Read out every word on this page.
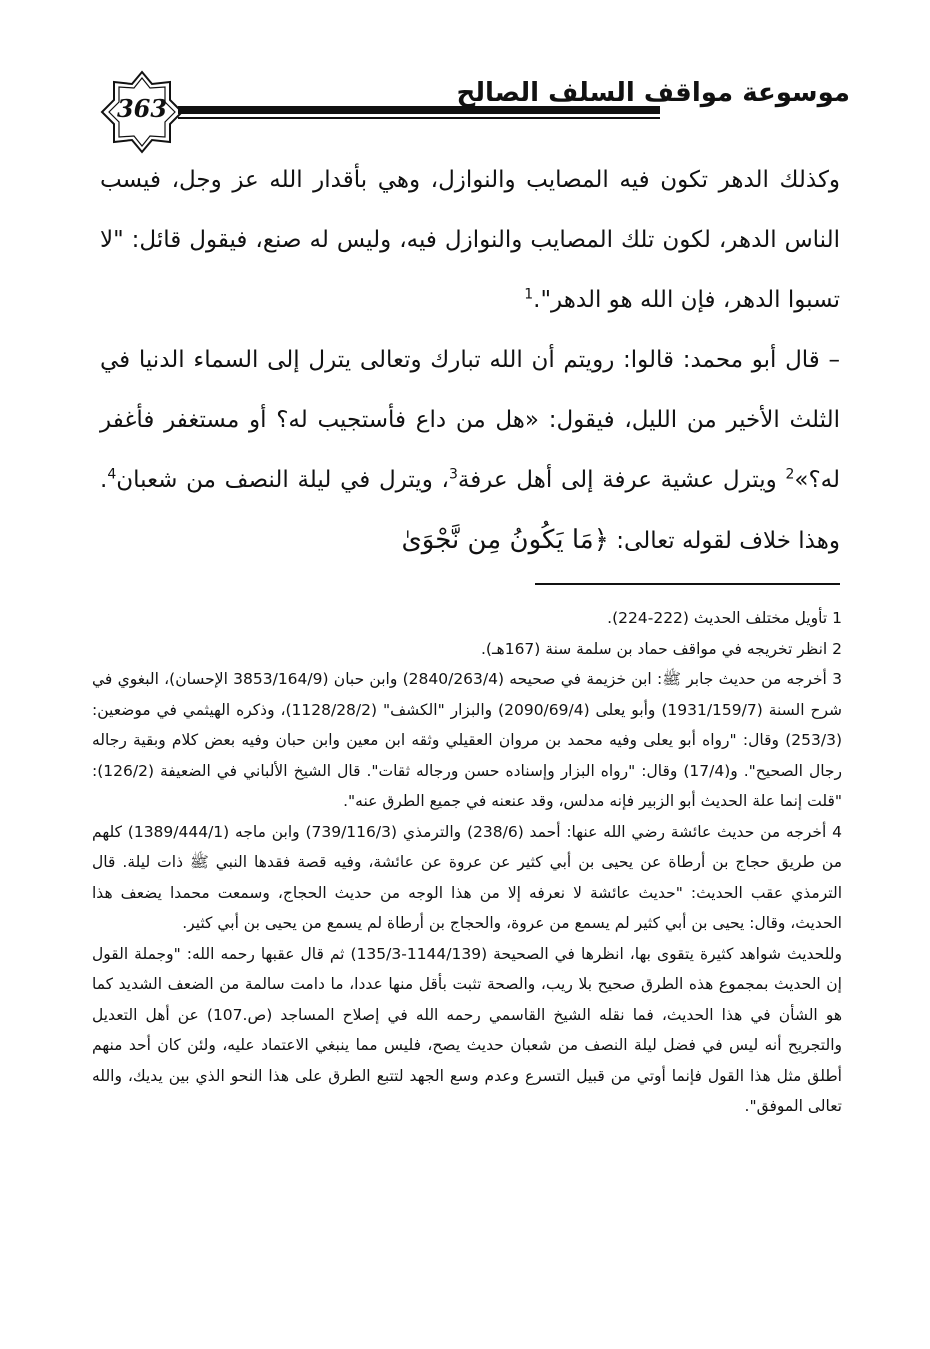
363
موسوعة مواقف السلف الصالح

وكذلك الدهر تكون فيه المصايب والنوازل، وهي بأقدار الله عز وجل، فيسب الناس الدهر، لكون تلك المصايب والنوازل فيه، وليس له صنع، فيقول قائل: "لا تسبوا الدهر، فإن الله هو الدهر".$^1$

– قال أبو محمد: قالوا: رويتم أن الله تبارك وتعالى يترل إلى السماء الدنيا في الثلث الأخير من الليل، فيقول: «هل من داع فأستجيب له؟ أو مستغفر فأغفر له؟»$^2$ ويترل عشية عرفة إلى أهل عرفة$^3$، ويترل في ليلة النصف من شعبان$^4$. وهذا خلاف لقوله تعالى: ﴿مَا يَكُونُ مِن نَّجْوَىٰ

1 تأويل مختلف الحديث (222-224).

2 انظر تخريجه في مواقف حماد بن سلمة سنة (167هـ).

3 أخرجه من حديث جابر ﷺ: ابن خزيمة في صحيحه (2840/263/4) وابن حبان (3853/164/9 الإحسان)، البغوي في شرح السنة (1931/159/7) وأبو يعلى (2090/69/4) والبزار "الكشف" (1128/28/2)، وذكره الهيثمي في موضعين: (253/3) وقال: "رواه أبو يعلى وفيه محمد بن مروان العقيلي وثقه ابن معين وابن حبان وفيه بعض كلام وبقية رجاله رجال الصحيح". و(17/4) وقال: "رواه البزار وإسناده حسن ورجاله ثقات". قال الشيخ الألباني في الضعيفة (126/2): "قلت إنما علة الحديث أبو الزبير فإنه مدلس، وقد عنعنه في جميع الطرق عنه".

4 أخرجه من حديث عائشة رضي الله عنها: أحمد (238/6) والترمذي (739/116/3) وابن ماجه (1389/444/1) كلهم من طريق حجاج بن أرطاة عن يحيى بن أبي كثير عن عروة عن عائشة، وفيه قصة فقدها النبي ﷺ ذات ليلة. قال الترمذي عقب الحديث: "حديث عائشة لا نعرفه إلا من هذا الوجه من حديث الحجاج، وسمعت محمدا يضعف هذا الحديث، وقال: يحيى بن أبي كثير لم يسمع من عروة، والحجاج بن أرطاة لم يسمع من يحيى بن أبي كثير.

وللحديث شواهد كثيرة يتقوى بها، انظرها في الصحيحة (1144/139-135/3) ثم قال عقبها رحمه الله: "وجملة القول إن الحديث بمجموع هذه الطرق صحيح بلا ريب، والصحة تثبت بأقل منها عددا، ما دامت سالمة من الضعف الشديد كما هو الشأن في هذا الحديث، فما نقله الشيخ القاسمي رحمه الله في إصلاح المساجد (ص.107) عن أهل التعديل والتجريح أنه ليس في فضل ليلة النصف من شعبان حديث يصح، فليس مما ينبغي الاعتماد عليه، ولئن كان أحد منهم أطلق مثل هذا القول فإنما أوتي من قبيل التسرع وعدم وسع الجهد لتتبع الطرق على هذا النحو الذي بين يديك، والله تعالى الموفق".
